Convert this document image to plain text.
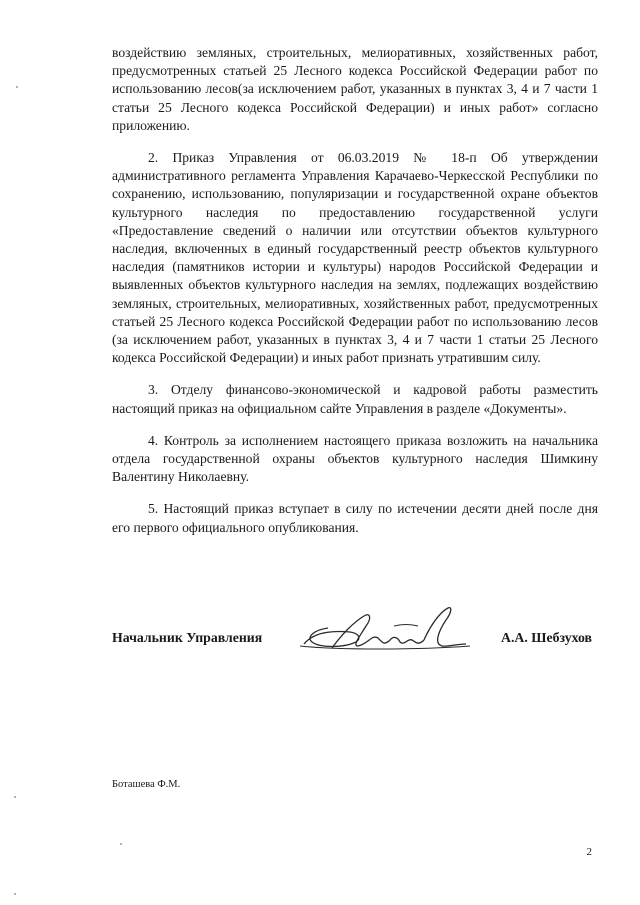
воздействию земляных, строительных, мелиоративных, хозяйственных работ, предусмотренных статьей 25 Лесного кодекса Российской Федерации работ по использованию лесов(за исключением работ, указанных в пунктах 3, 4 и 7 части 1 статьи 25 Лесного кодекса Российской Федерации) и иных работ» согласно приложению.

2. Приказ Управления от 06.03.2019 № 18-п Об утверждении административного регламента Управления Карачаево-Черкесской Республики по сохранению, использованию, популяризации и государственной охране объектов культурного наследия по предоставлению государственной услуги «Предоставление сведений о наличии или отсутствии объектов культурного наследия, включенных в единый государственный реестр объектов культурного наследия (памятников истории и культуры) народов Российской Федерации и выявленных объектов культурного наследия на землях, подлежащих воздействию земляных, строительных, мелиоративных, хозяйственных работ, предусмотренных статьей 25 Лесного кодекса Российской Федерации работ по использованию лесов (за исключением работ, указанных в пунктах 3, 4 и 7 части 1 статьи 25 Лесного кодекса Российской Федерации) и иных работ признать утратившим силу.

3. Отделу финансово-экономической и кадровой работы разместить настоящий приказ на официальном сайте Управления в разделе «Документы».

4. Контроль за исполнением настоящего приказа возложить на начальника отдела государственной охраны объектов культурного наследия Шимкину Валентину Николаевну.

5. Настоящий приказ вступает в силу по истечении десяти дней после дня его первого официального опубликования.

Начальник Управления	А.А. Шебзухов
Боташева Ф.М.
2
